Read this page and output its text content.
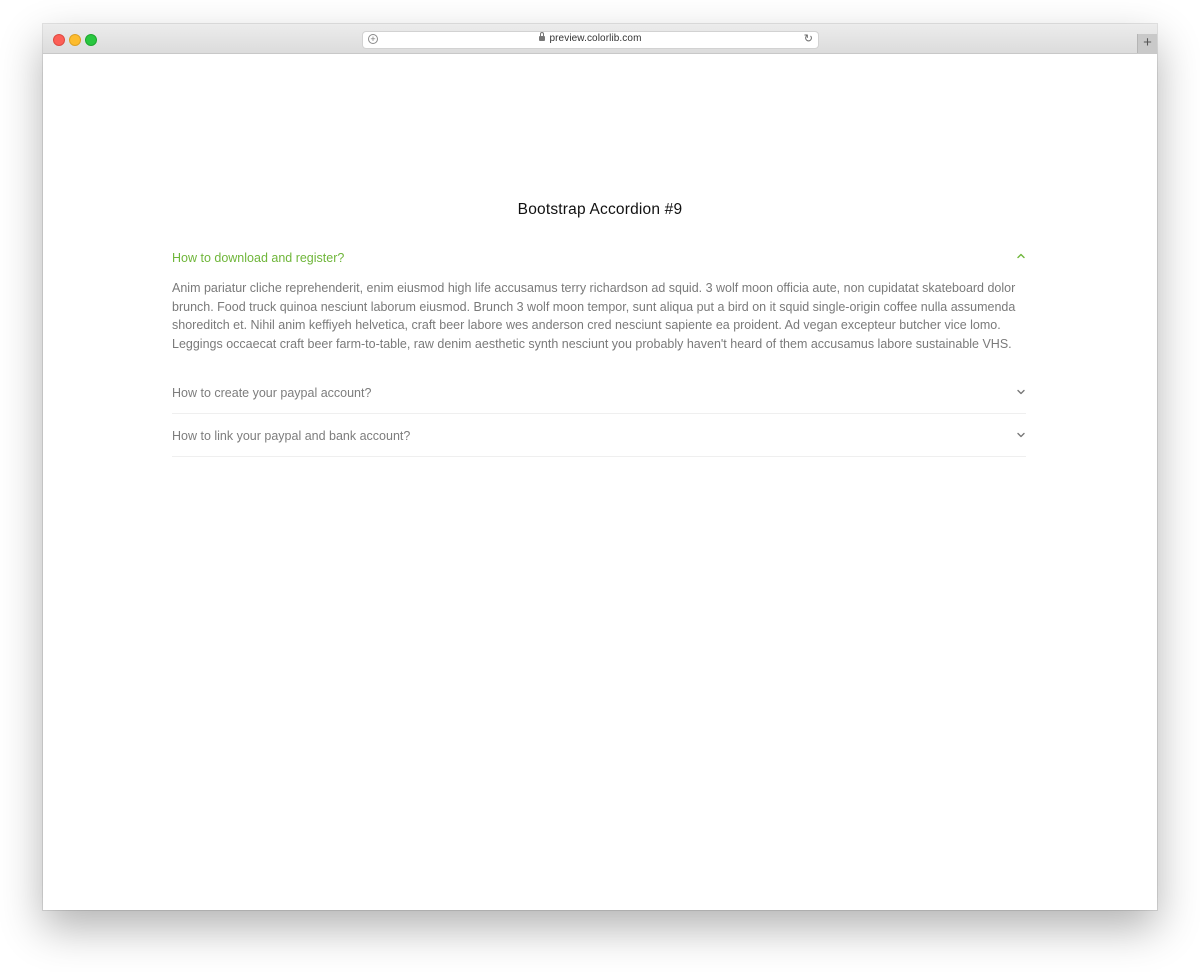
+	preview.colorlib.com	↻	+
Bootstrap Accordion #9
How to download and register?
Anim pariatur cliche reprehenderit, enim eiusmod high life accusamus terry richardson ad squid. 3 wolf moon officia aute, non cupidatat skateboard dolor brunch. Food truck quinoa nesciunt laborum eiusmod. Brunch 3 wolf moon tempor, sunt aliqua put a bird on it squid single-origin coffee nulla assumenda shoreditch et. Nihil anim keffiyeh helvetica, craft beer labore wes anderson cred nesciunt sapiente ea proident. Ad vegan excepteur butcher vice lomo. Leggings occaecat craft beer farm-to-table, raw denim aesthetic synth nesciunt you probably haven't heard of them accusamus labore sustainable VHS.
How to create your paypal account?
How to link your paypal and bank account?
